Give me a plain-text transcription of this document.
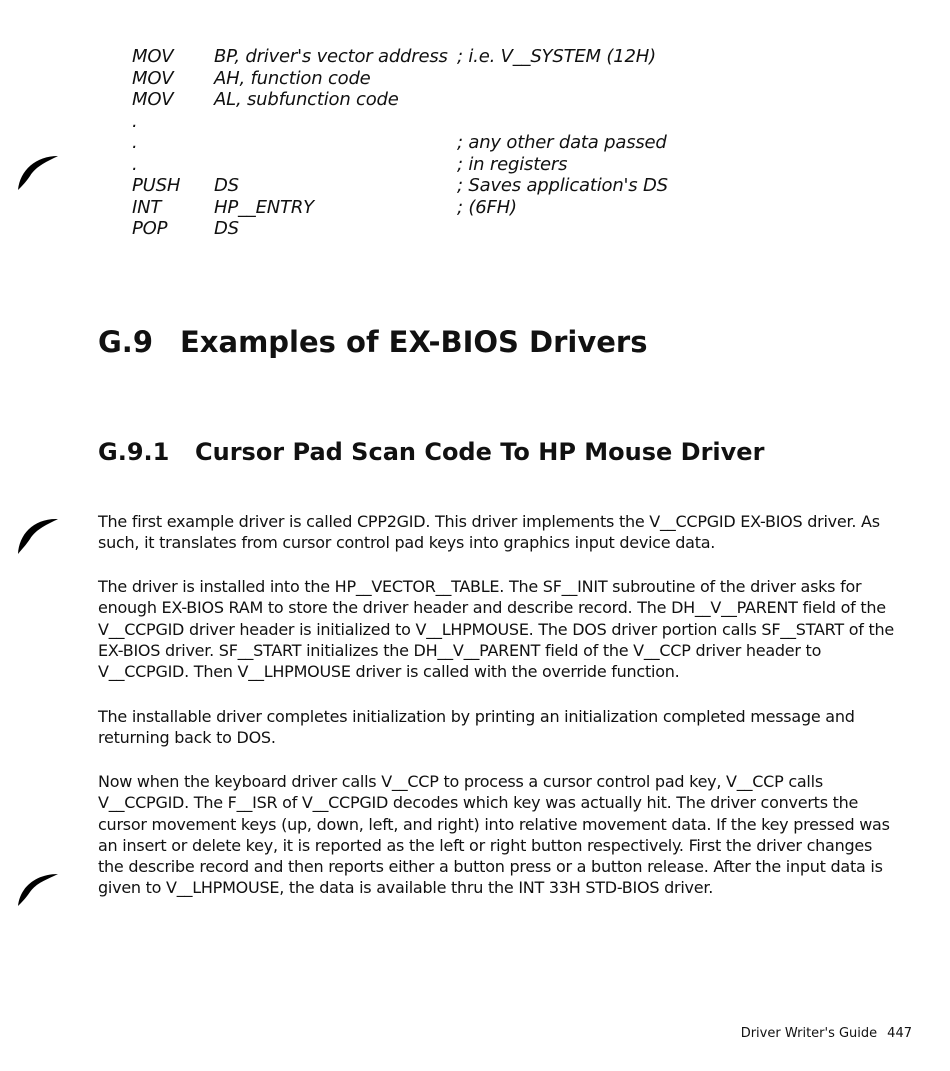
MOV BP, driver's vector address ; i.e. V__SYSTEM (12H)
MOV AH, function code
MOV AL, subfunction code
.
.	; any other data passed
.	; in registers
PUSH DS	; Saves application's DS
INT	HP__ENTRY	; (6FH)
POP	DS
G.9 Examples of EX-BIOS Drivers
G.9.1 Cursor Pad Scan Code To HP Mouse Driver

The first example driver is called CPP2GID. This driver implements the V__CCPGID EX-BIOS driver. As such, it translates from cursor control pad keys into graphics input device data.

The driver is installed into the HP__VECTOR__TABLE. The SF__INIT subroutine of the driver asks for enough EX-BIOS RAM to store the driver header and describe record. The DH__V__PARENT field of the V__CCPGID driver header is initialized to V__LHPMOUSE. The DOS driver portion calls SF__START of the EX-BIOS driver. SF__START initializes the DH__V__PARENT field of the V__CCP driver header to V__CCPGID. Then V__LHPMOUSE driver is called with the override function.

The installable driver completes initialization by printing an initialization completed message and returning back to DOS.

Now when the keyboard driver calls V__CCP to process a cursor control pad key, V__CCP calls V__CCPGID. The F__ISR of V__CCPGID decodes which key was actually hit. The driver converts the cursor movement keys (up, down, left, and right) into relative movement data. If the key pressed was an insert or delete key, it is reported as the left or right button respectively. First the driver changes the describe record and then reports either a button press or a button release. After the input data is given to V__LHPMOUSE, the data is available thru the INT 33H STD-BIOS driver.

Driver Writer's Guide 447
